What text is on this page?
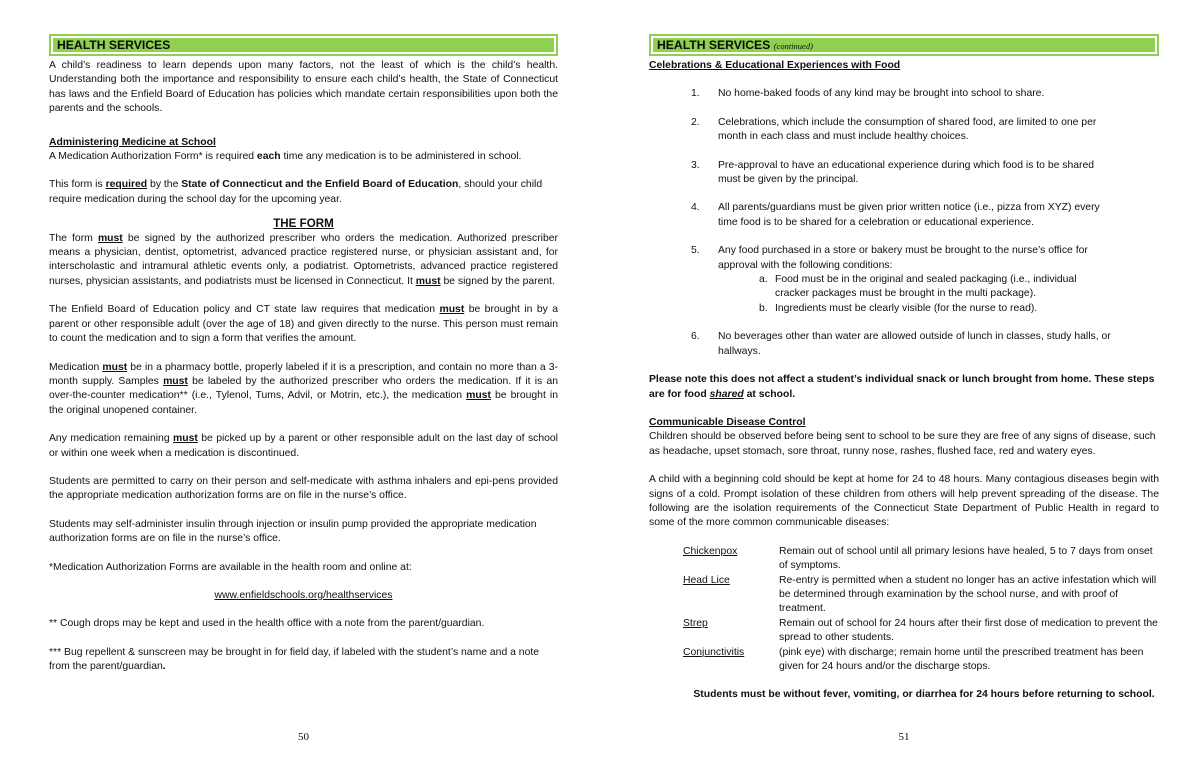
HEALTH SERVICES

A child’s readiness to learn depends upon many factors, not the least of which is the child’s health. Understanding both the importance and responsibility to ensure each child’s health, the State of Connecticut has laws and the Enfield Board of Education has policies which mandate certain responsibilities upon both the parents and the schools.

Administering Medicine at School

A Medication Authorization Form* is required each time any medication is to be administered in school.

This form is required by the State of Connecticut and the Enfield Board of Education, should your child require medication during the school day for the upcoming year.

THE FORM

The form must be signed by the authorized prescriber who orders the medication. Authorized prescriber means a physician, dentist, optometrist, advanced practice registered nurse, or physician assistant and, for interscholastic and intramural athletic events only, a podiatrist. Optometrists, advanced practice registered nurses, physician assistants, and podiatrists must be licensed in Connecticut. It must be signed by the parent.

The Enfield Board of Education policy and CT state law requires that medication must be brought in by a parent or other responsible adult (over the age of 18) and given directly to the nurse. This person must remain to count the medication and to sign a form that verifies the amount.

Medication must be in a pharmacy bottle, properly labeled if it is a prescription, and contain no more than a 3-month supply. Samples must be labeled by the authorized prescriber who orders the medication. If it is an over-the-counter medication** (i.e., Tylenol, Tums, Advil, or Motrin, etc.), the medication must be brought in the original unopened container.

Any medication remaining must be picked up by a parent or other responsible adult on the last day of school or within one week when a medication is discontinued.

Students are permitted to carry on their person and self-medicate with asthma inhalers and epi-pens provided the appropriate medication authorization forms are on file in the nurse’s office.

Students may self-administer insulin through injection or insulin pump provided the appropriate medication authorization forms are on file in the nurse’s office.

*Medication Authorization Forms are available in the health room and online at:

www.enfieldschools.org/healthservices

** Cough drops may be kept and used in the health office with a note from the parent/guardian.

*** Bug repellent & sunscreen may be brought in for field day, if labeled with the student’s name and a note from the parent/guardian.

50
HEALTH SERVICES (continued)

Celebrations & Educational Experiences with Food

1.	No home-baked foods of any kind may be brought into school to share.
2.	Celebrations, which include the consumption of shared food, are limited to one per month in each class and must include healthy choices.
3.	Pre-approval to have an educational experience during which food is to be shared must be given by the principal.
4.	All parents/guardians must be given prior written notice (i.e., pizza from XYZ) every time food is to be shared for a celebration or educational experience.
5.	Any food purchased in a store or bakery must be brought to the nurse’s office for approval with the following conditions:
a. Food must be in the original and sealed packaging (i.e., individual cracker packages must be brought in the multi package).
b. Ingredients must be clearly visible (for the nurse to read).
6.	No beverages other than water are allowed outside of lunch in classes, study halls, or hallways.

Please note this does not affect a student’s individual snack or lunch brought from home. These steps are for food shared at school.

Communicable Disease Control

Children should be observed before being sent to school to be sure they are free of any signs of disease, such as headache, upset stomach, sore throat, runny nose, rashes, flushed face, red and watery eyes.

A child with a beginning cold should be kept at home for 24 to 48 hours. Many contagious diseases begin with signs of a cold. Prompt isolation of these children from others will help prevent spreading of the disease. The following are the isolation requirements of the Connecticut State Department of Public Health in regard to some of the more common communicable diseases:

Chickenpox	Remain out of school until all primary lesions have healed, 5 to 7 days from onset of symptoms.
Head Lice	Re-entry is permitted when a student no longer has an active infestation which will be determined through examination by the school nurse, and with proof of treatment.
Strep	Remain out of school for 24 hours after their first dose of medication to prevent the spread to other students.
Conjunctivitis	(pink eye) with discharge; remain home until the prescribed treatment has been given for 24 hours and/or the discharge stops.

Students must be without fever, vomiting, or diarrhea for 24 hours before returning to school.

51
